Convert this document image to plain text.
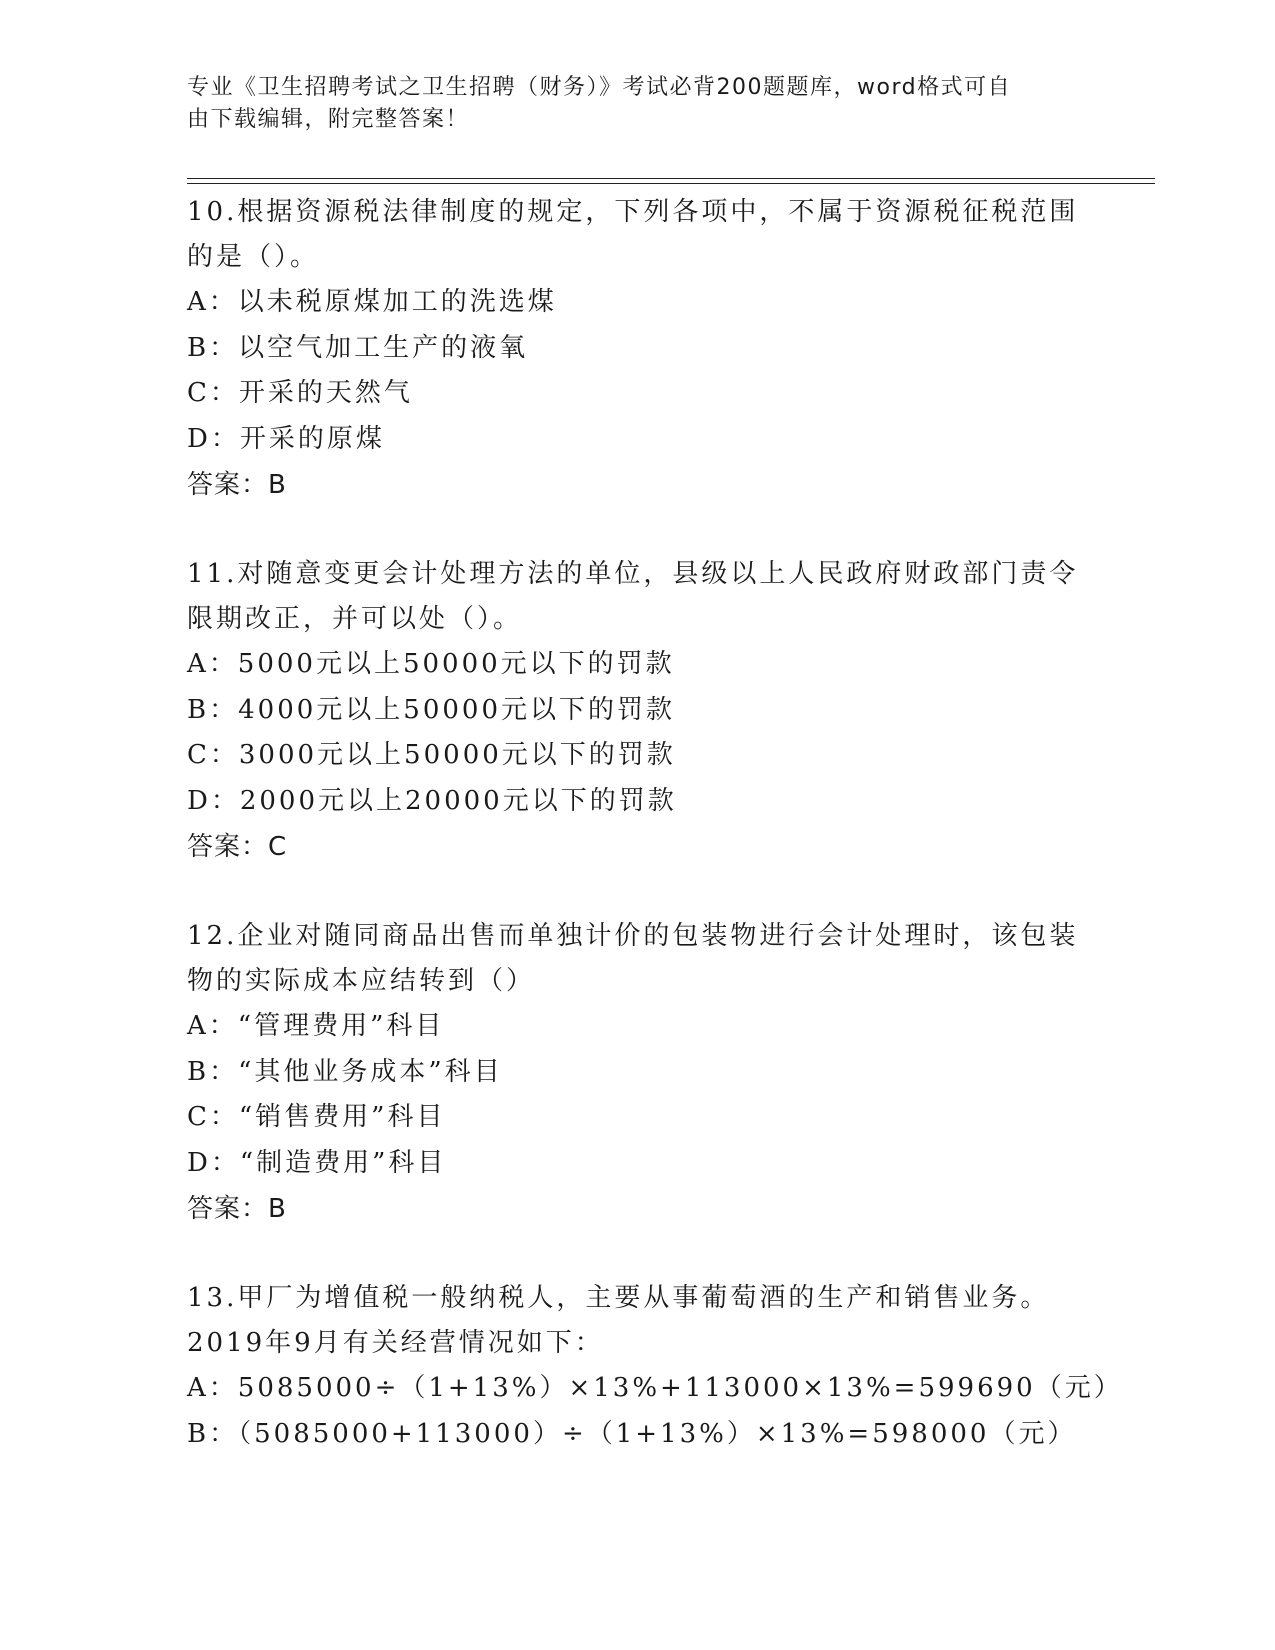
专业《卫生招聘考试之卫生招聘（财务）》考试必背200题题库，word格式可自
由下载编辑，附完整答案！

10.根据资源税法律制度的规定，下列各项中，不属于资源税征税范围
的是（）。

A：以未税原煤加工的洗选煤

B：以空气加工生产的液氧

C：开采的天然气

D：开采的原煤

答案：B

11.对随意变更会计处理方法的单位，县级以上人民政府财政部门责令
限期改正，并可以处（）。

A：5000元以上50000元以下的罚款

B：4000元以上50000元以下的罚款

C：3000元以上50000元以下的罚款

D：2000元以上20000元以下的罚款

答案：C

12.企业对随同商品出售而单独计价的包装物进行会计处理时，该包装
物的实际成本应结转到（）

A：“管理费用”科目

B：“其他业务成本”科目

C：“销售费用”科目

D：“制造费用”科目

答案：B

13.甲厂为增值税一般纳税人，主要从事葡萄酒的生产和销售业务。
2019年9月有关经营情况如下：

A：5085000÷（1+13%）×13%+113000×13%=599690（元）

B：（5085000+113000）÷（1+13%）×13%=598000（元）
